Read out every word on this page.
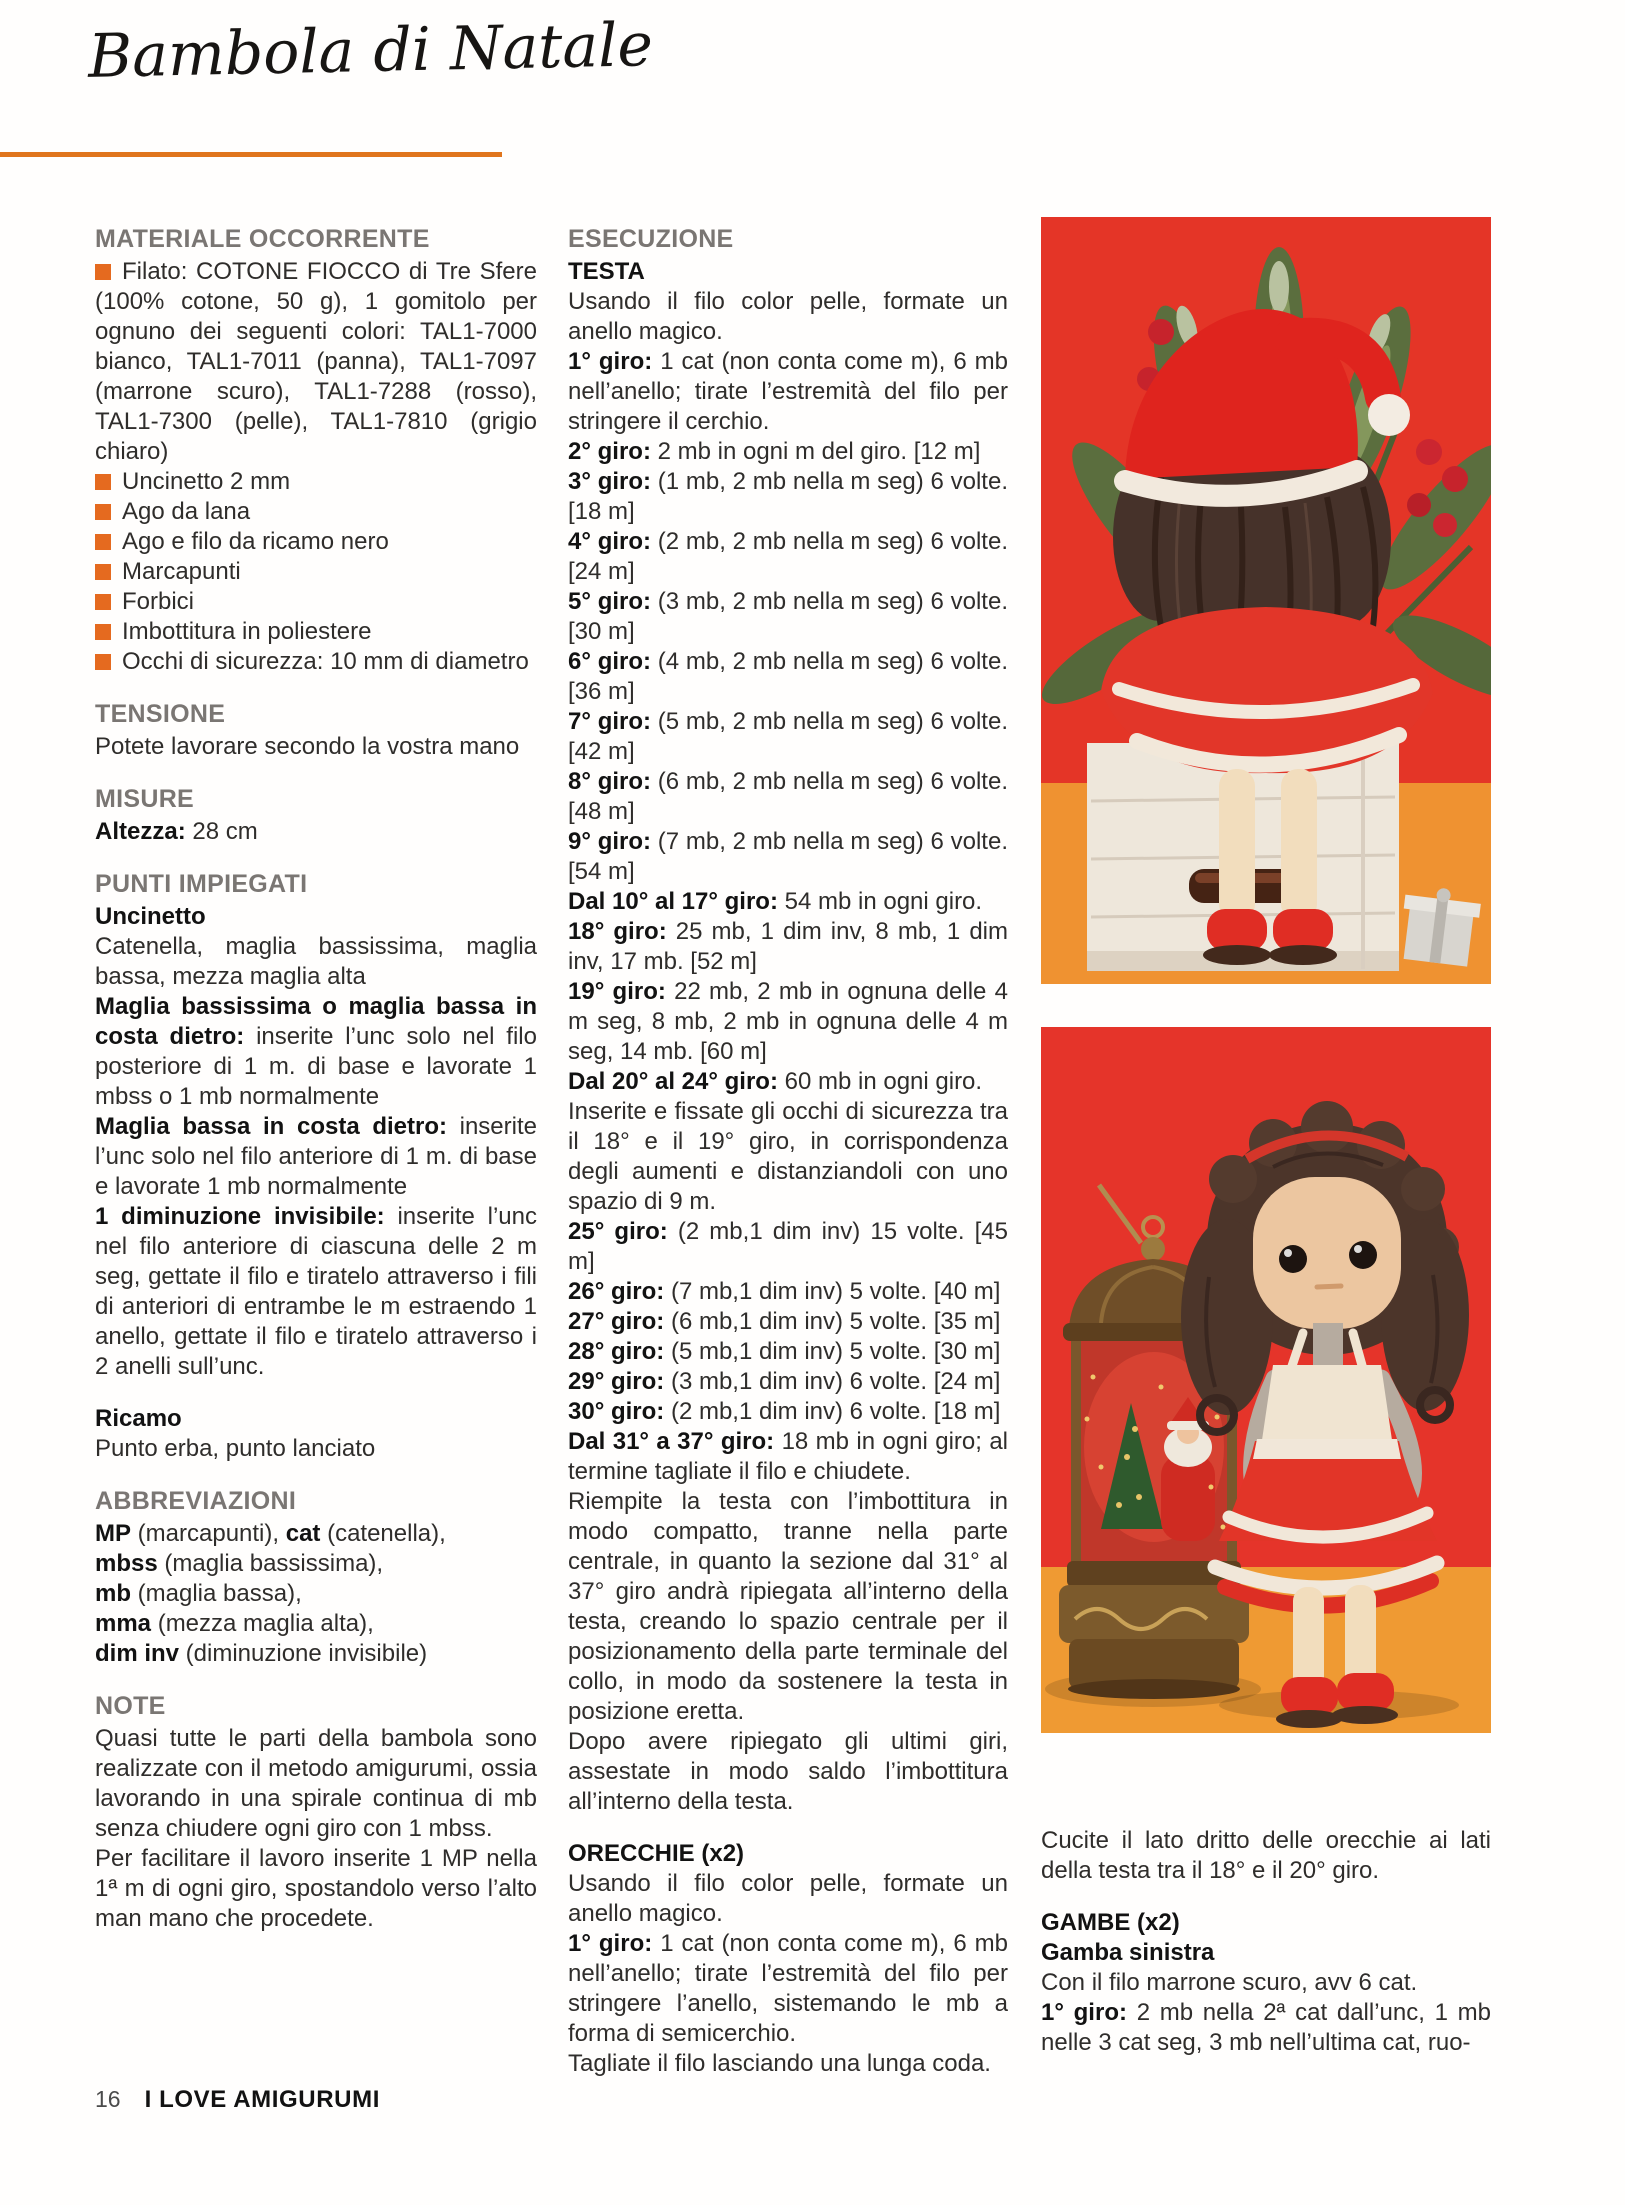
Bambola di Natale
MATERIALE OCCORRENTE

Filato: COTONE FIOCCO di Tre Sfere (100% cotone, 50 g), 1 gomitolo per ognuno dei seguenti colori: TAL1-7000 bianco, TAL1-7011 (panna), TAL1-7097 (marrone scuro), TAL1-7288 (rosso), TAL1-7300 (pelle), TAL1-7810 (grigio chiaro)

Uncinetto 2 mm

Ago da lana

Ago e filo da ricamo nero

Marcapunti

Forbici

Imbottitura in poliestere

Occhi di sicurezza: 10 mm di diametro

TENSIONE

Potete lavorare secondo la vostra mano

MISURE

Altezza: 28 cm

PUNTI IMPIEGATI
Uncinetto

Catenella, maglia bassissima, maglia bassa, mezza maglia alta

Maglia bassissima o maglia bassa in costa dietro: inserite l’unc solo nel filo posteriore di 1 m. di base e lavorate 1 mbss o 1 mb normalmente

Maglia bassa in costa dietro: inserite l’unc solo nel filo anteriore di 1 m. di base e lavorate 1 mb normalmente

1 diminuzione invisibile: inserite l’unc nel filo anteriore di ciascuna delle 2 m seg, gettate il filo e tiratelo attraverso i fili di anteriori di entrambe le m estraendo 1 anello, gettate il filo e tiratelo attraverso i 2 anelli sull’unc.

Ricamo

Punto erba, punto lanciato

ABBREVIAZIONI

MP (marcapunti), cat (catenella),

mbss (maglia bassissima),

mb (maglia bassa),

mma (mezza maglia alta),

dim inv (diminuzione invisibile)

NOTE

Quasi tutte le parti della bambola sono realizzate con il metodo amigurumi, ossia lavorando in una spirale continua di mb senza chiudere ogni giro con 1 mbss.

Per facilitare il lavoro inserite 1 MP nella 1ª m di ogni giro, spostandolo verso l’alto man mano che procedete.

ESECUZIONE
TESTA

Usando il filo color pelle, formate un anello magico.

1° giro: 1 cat (non conta come m), 6 mb nell’anello; tirate l’estremità del filo per stringere il cerchio.

2° giro: 2 mb in ogni m del giro. [12 m]

3° giro: (1 mb, 2 mb nella m seg) 6 volte. [18 m]

4° giro: (2 mb, 2 mb nella m seg) 6 volte. [24 m]

5° giro: (3 mb, 2 mb nella m seg) 6 volte. [30 m]

6° giro: (4 mb, 2 mb nella m seg) 6 volte. [36 m]

7° giro: (5 mb, 2 mb nella m seg) 6 volte. [42 m]

8° giro: (6 mb, 2 mb nella m seg) 6 volte. [48 m]

9° giro: (7 mb, 2 mb nella m seg) 6 volte. [54 m]

Dal 10° al 17° giro: 54 mb in ogni giro.

18° giro: 25 mb, 1 dim inv, 8 mb, 1 dim inv, 17 mb. [52 m]

19° giro: 22 mb, 2 mb in ognuna delle 4 m seg, 8 mb, 2 mb in ognuna delle 4 m seg, 14 mb. [60 m]

Dal 20° al 24° giro: 60 mb in ogni giro.

Inserite e fissate gli occhi di sicurezza tra il 18° e il 19° giro, in corrispondenza degli aumenti e distanziandoli con uno spazio di 9 m.

25° giro: (2 mb,1 dim inv) 15 volte. [45 m]

26° giro: (7 mb,1 dim inv) 5 volte. [40 m]

27° giro: (6 mb,1 dim inv) 5 volte. [35 m]

28° giro: (5 mb,1 dim inv) 5 volte. [30 m]

29° giro: (3 mb,1 dim inv) 6 volte. [24 m]

30° giro: (2 mb,1 dim inv) 6 volte. [18 m]

Dal 31° a 37° giro: 18 mb in ogni giro; al termine tagliate il filo e chiudete.

Riempite la testa con l’imbottitura in modo compatto, tranne nella parte centrale, in quanto la sezione dal 31° al 37° giro andrà ripiegata all’interno della testa, creando lo spazio centrale per il posizionamento della parte terminale del collo, in modo da sostenere la testa in posizione eretta.

Dopo avere ripiegato gli ultimi giri, assestate in modo saldo l’imbottitura all’interno della testa.

ORECCHIE (x2)

Usando il filo color pelle, formate un anello magico.

1° giro: 1 cat (non conta come m), 6 mb nell’anello; tirate l’estremità del filo per stringere l’anello, sistemando le mb a forma di semicerchio.

Tagliate il filo lasciando una lunga coda.

Cucite il lato dritto delle orecchie ai lati della testa tra il 18° e il 20° giro.

GAMBE (x2)
Gamba sinistra

Con il filo marrone scuro, avv 6 cat.

1° giro: 2 mb nella 2ª cat dall’unc, 1 mb nelle 3 cat seg, 3 mb nell’ultima cat, ruo-

16 I LOVE AMIGURUMI
